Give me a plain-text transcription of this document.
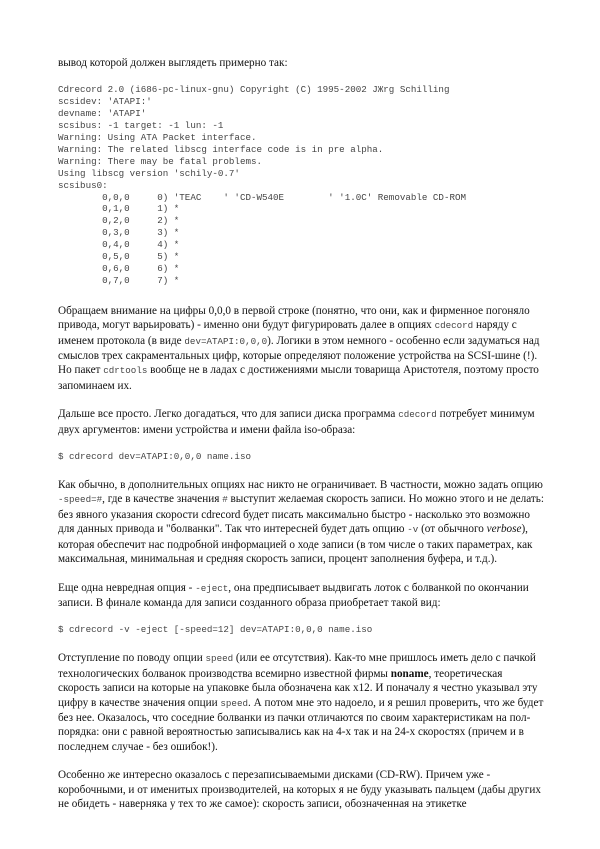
вывод которой должен выглядеть примерно так:

Cdrecord 2.0 (i686-pc-linux-gnu) Copyright (C) 1995-2002 JЖrg Schilling
scsidev: 'ATAPI:'
devname: 'ATAPI'
scsibus: -1 target: -1 lun: -1
Warning: Using ATA Packet interface.
Warning: The related libscg interface code is in pre alpha.
Warning: There may be fatal problems.
Using libscg version 'schily-0.7'
scsibus0:
0,0,0     0) 'TEAC    ' 'CD-W540E        ' '1.0C' Removable CD-ROM
0,1,0     1) *
0,2,0     2) *
0,3,0     3) *
0,4,0     4) *
0,5,0     5) *
0,6,0     6) *
0,7,0     7) *

Обращаем внимание на цифры 0,0,0 в первой строке (понятно, что они, как и фирменное погоняло привода, могут варьировать) - именно они будут фигурировать далее в опциях cdecord наряду с именем протокола (в виде dev=ATAPI:0,0,0). Логики в этом немного - особенно если задуматься над смыслов трех сакраментальных цифр, которые определяют положение устройства на SCSI-шине (!). Но пакет cdrtools вообще не в ладах с достижениями мысли товарища Аристотеля, поэтому просто запоминаем их.

Дальше все просто. Легко догадаться, что для записи диска программа cdecord потребует минимум двух аргументов: имени устройства и имени файла iso-образа:

$ cdrecord dev=ATAPI:0,0,0 name.iso

Как обычно, в дополнительных опциях нас никто не ограничивает. В частности, можно задать опцию -speed=#, где в качестве значения # выступит желаемая скорость записи. Но можно этого и не делать: без явного указания скорости cdrecord будет писать максимально быстро - насколько это возможно для данных привода и "болванки". Так что интересней будет дать опцию -v (от обычного verbose), которая обеспечит нас подробной информацией о ходе записи (в том числе о таких параметрах, как максимальная, минимальная и средняя скорость записи, процент заполнения буфера, и т.д.).

Еще одна невредная опция - -eject, она предписывает выдвигать лоток с болванкой по окончании записи. В финале команда для записи созданного образа приобретает такой вид:

$ cdrecord -v -eject [-speed=12] dev=ATAPI:0,0,0 name.iso

Отступление по поводу опции speed (или ее отсутствия). Как-то мне пришлось иметь дело с пачкой технологических болванок производства всемирно известной фирмы noname, теоретическая скорость записи на которые на упаковке была обозначена как x12. И поначалу я честно указывал эту цифру в качестве значения опции speed. А потом мне это надоело, и я решил проверить, что же будет без нее. Оказалось, что соседние болванки из пачки отличаются по своим характеристикам на пол-порядка: они с равной вероятностью записывались как на 4-х так и на 24-х скоростях (причем и в последнем случае - без ошибок!).

Особенно же интересно оказалось с перезаписываемыми дисками (CD-RW). Причем уже - коробочными, и от именитых производителей, на которых я не буду указывать пальцем (дабы других не обидеть - наверняка у тех то же самое): скорость записи, обозначенная на этикетке
